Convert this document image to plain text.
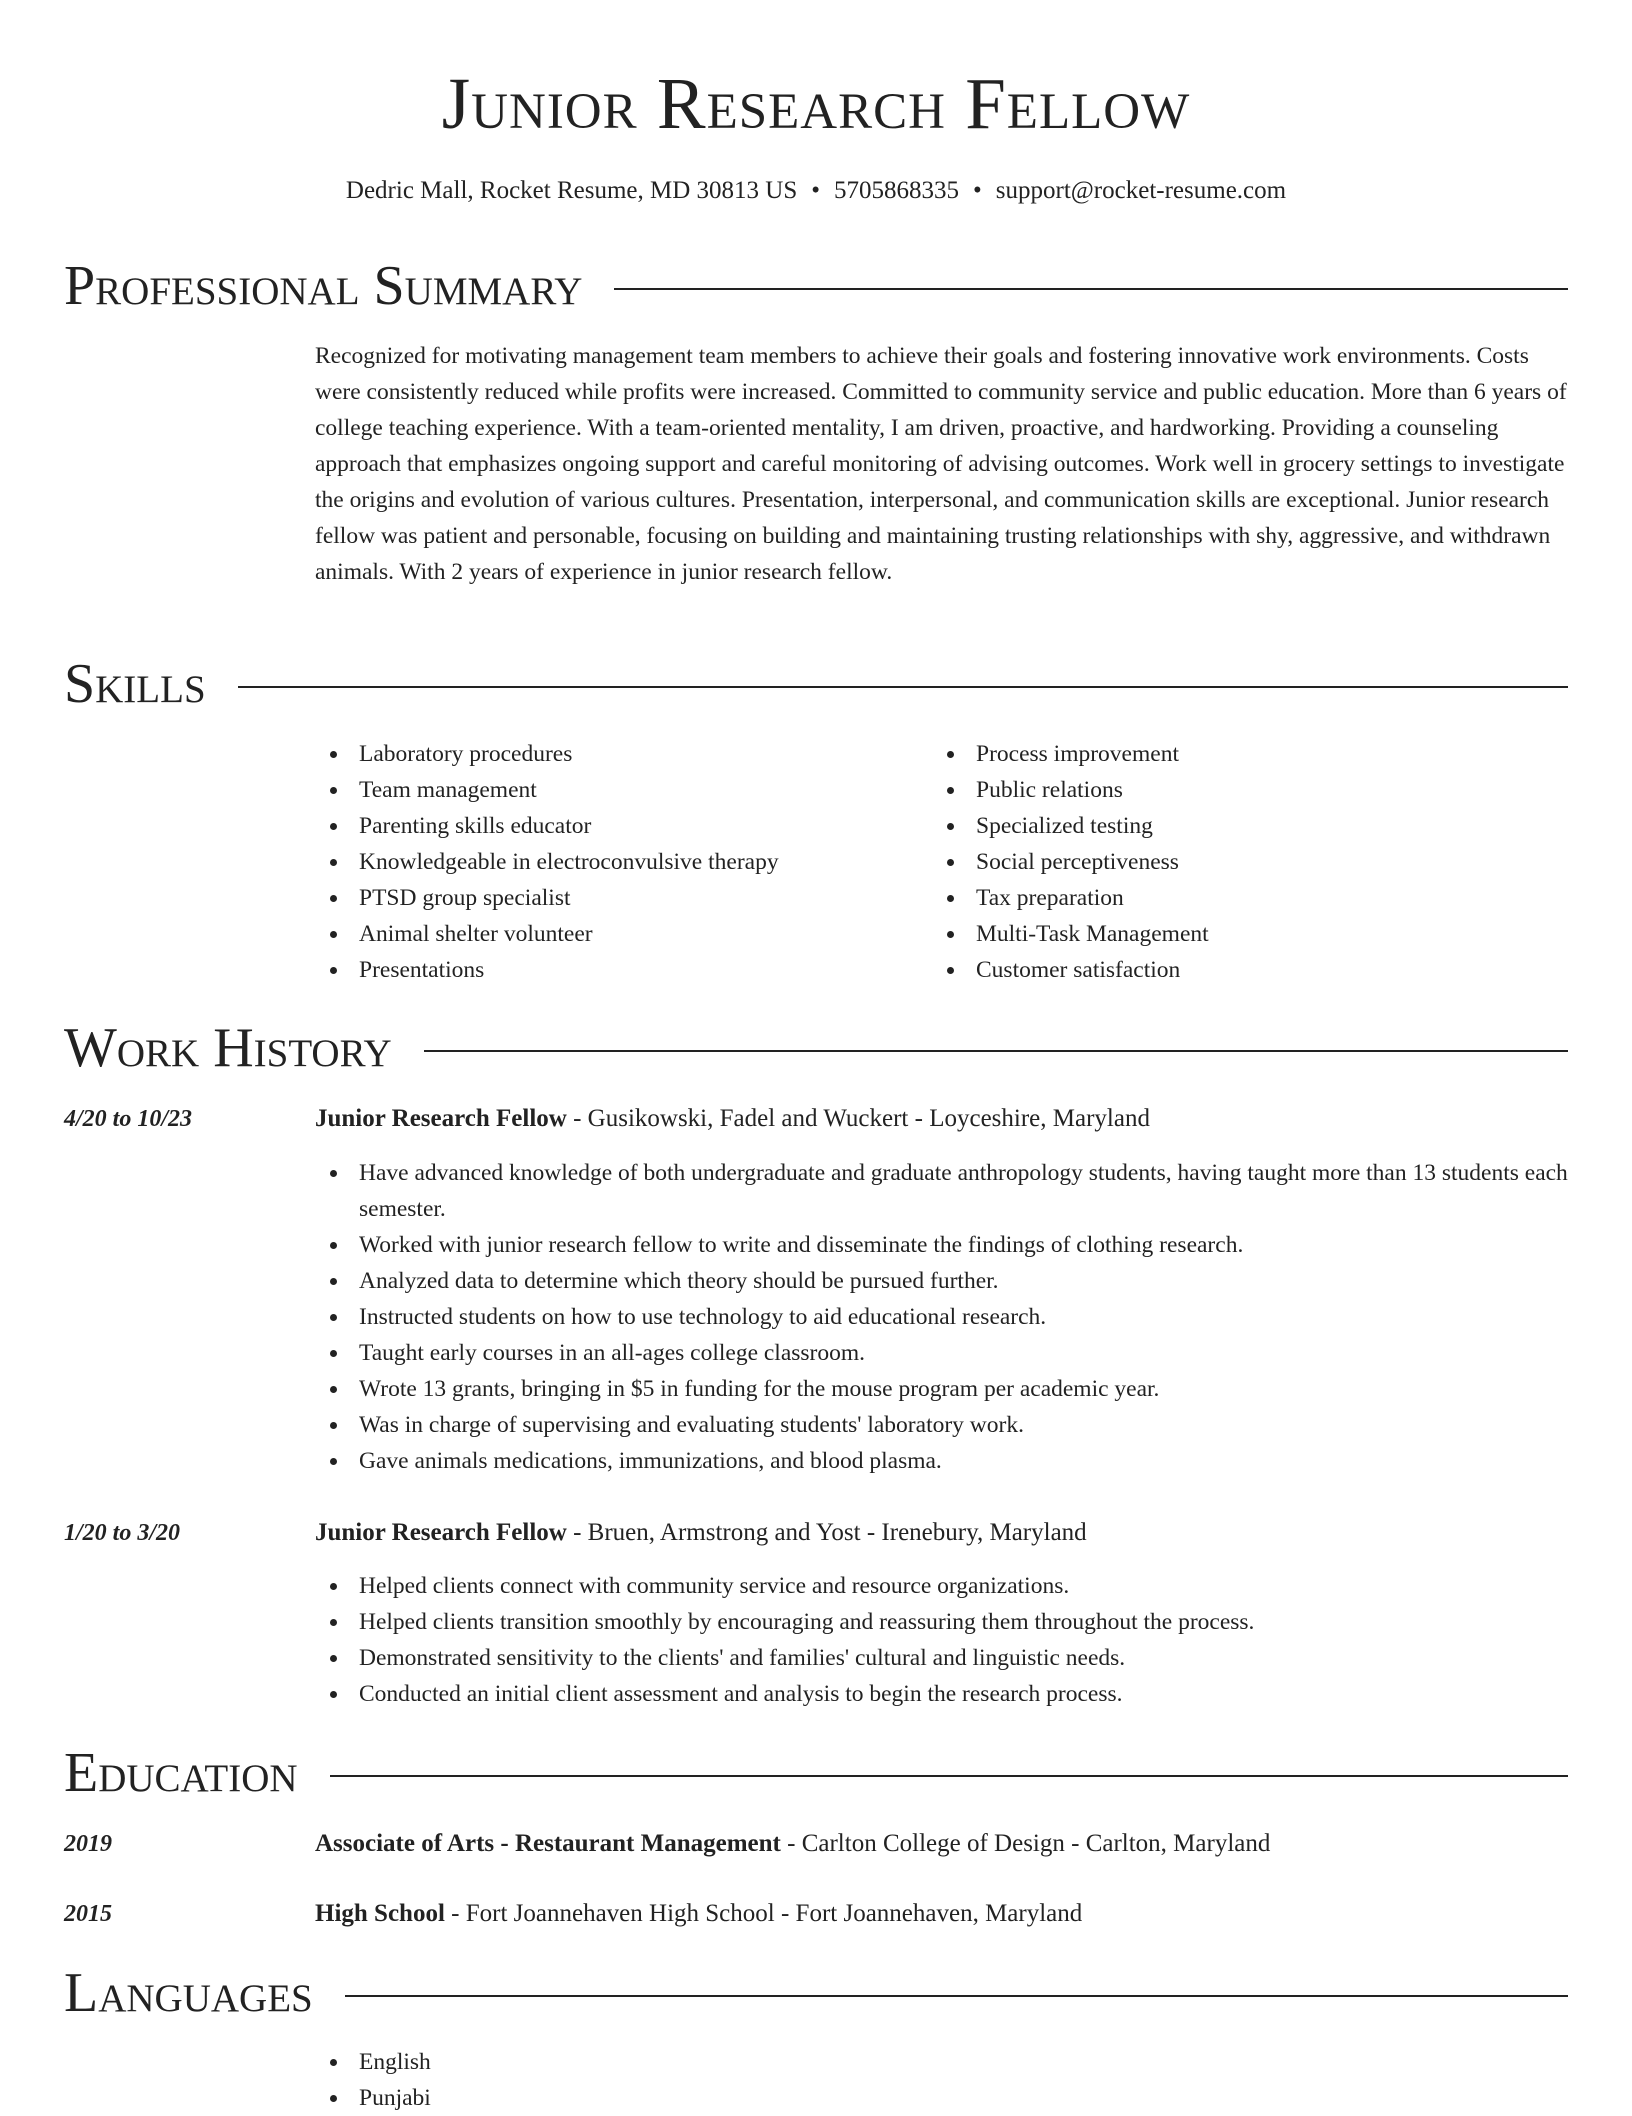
Junior Research Fellow
Dedric Mall, Rocket Resume, MD 30813 US • 5705868335 • support@rocket-resume.com
Professional Summary
Recognized for motivating management team members to achieve their goals and fostering innovative work environments. Costs were consistently reduced while profits were increased. Committed to community service and public education. More than 6 years of college teaching experience. With a team-oriented mentality, I am driven, proactive, and hardworking. Providing a counseling approach that emphasizes ongoing support and careful monitoring of advising outcomes. Work well in grocery settings to investigate the origins and evolution of various cultures. Presentation, interpersonal, and communication skills are exceptional. Junior research fellow was patient and personable, focusing on building and maintaining trusting relationships with shy, aggressive, and withdrawn animals. With 2 years of experience in junior research fellow.
Skills
Laboratory procedures
Team management
Parenting skills educator
Knowledgeable in electroconvulsive therapy
PTSD group specialist
Animal shelter volunteer
Presentations
Process improvement
Public relations
Specialized testing
Social perceptiveness
Tax preparation
Multi-Task Management
Customer satisfaction
Work History
4/20 to 10/23	Junior Research Fellow - Gusikowski, Fadel and Wuckert - Loyceshire, Maryland
Have advanced knowledge of both undergraduate and graduate anthropology students, having taught more than 13 students each semester.
Worked with junior research fellow to write and disseminate the findings of clothing research.
Analyzed data to determine which theory should be pursued further.
Instructed students on how to use technology to aid educational research.
Taught early courses in an all-ages college classroom.
Wrote 13 grants, bringing in $5 in funding for the mouse program per academic year.
Was in charge of supervising and evaluating students' laboratory work.
Gave animals medications, immunizations, and blood plasma.
1/20 to 3/20	Junior Research Fellow - Bruen, Armstrong and Yost - Irenebury, Maryland
Helped clients connect with community service and resource organizations.
Helped clients transition smoothly by encouraging and reassuring them throughout the process.
Demonstrated sensitivity to the clients' and families' cultural and linguistic needs.
Conducted an initial client assessment and analysis to begin the research process.
Education
2019	Associate of Arts - Restaurant Management - Carlton College of Design - Carlton, Maryland
2015	High School - Fort Joannehaven High School - Fort Joannehaven, Maryland
Languages
English
Punjabi
